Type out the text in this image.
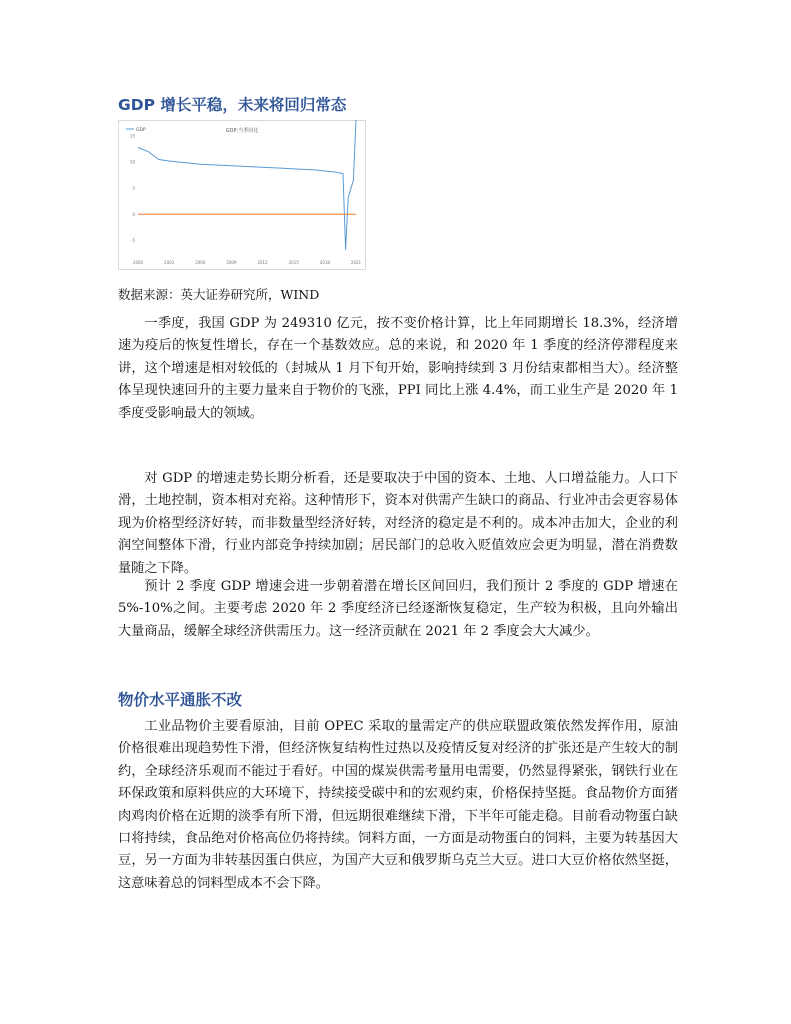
GDP 增长平稳，未来将回归常态
GDP:当季同比
GDP
15
10
5
0
-5
2000	2003	2006	2009	2012	2015	2018	2021

数据来源：英大证券研究所，WIND

一季度，我国 GDP 为 249310 亿元，按不变价格计算，比上年同期增长 18.3%，经济增速为疫后的恢复性增长，存在一个基数效应。总的来说，和 2020 年 1 季度的经济停滞程度来讲，这个增速是相对较低的（封城从 1 月下旬开始，影响持续到 3 月份结束都相当大）。经济整体呈现快速回升的主要力量来自于物价的飞涨，PPI 同比上涨 4.4%，而工业生产是 2020 年 1 季度受影响最大的领域。

对 GDP 的增速走势长期分析看，还是要取决于中国的资本、土地、人口增益能力。人口下滑，土地控制，资本相对充裕。这种情形下，资本对供需产生缺口的商品、行业冲击会更容易体现为价格型经济好转，而非数量型经济好转，对经济的稳定是不利的。成本冲击加大，企业的利润空间整体下滑，行业内部竞争持续加剧；居民部门的总收入贬值效应会更为明显，潜在消费数量随之下降。

预计 2 季度 GDP 增速会进一步朝着潜在增长区间回归，我们预计 2 季度的 GDP 增速在 5%-10%之间。主要考虑 2020 年 2 季度经济已经逐渐恢复稳定，生产较为积极，且向外输出大量商品，缓解全球经济供需压力。这一经济贡献在 2021 年 2 季度会大大减少。

物价水平通胀不改

工业品物价主要看原油，目前 OPEC 采取的量需定产的供应联盟政策依然发挥作用，原油价格很难出现趋势性下滑，但经济恢复结构性过热以及疫情反复对经济的扩张还是产生较大的制约，全球经济乐观而不能过于看好。中国的煤炭供需考量用电需要，仍然显得紧张，钢铁行业在环保政策和原料供应的大环境下，持续接受碳中和的宏观约束，价格保持坚挺。食品物价方面猪肉鸡肉价格在近期的淡季有所下滑，但远期很难继续下滑，下半年可能走稳。目前看动物蛋白缺口将持续，食品绝对价格高位仍将持续。饲料方面，一方面是动物蛋白的饲料，主要为转基因大豆，另一方面为非转基因蛋白供应，为国产大豆和俄罗斯乌克兰大豆。进口大豆价格依然坚挺，这意味着总的饲料型成本不会下降。
